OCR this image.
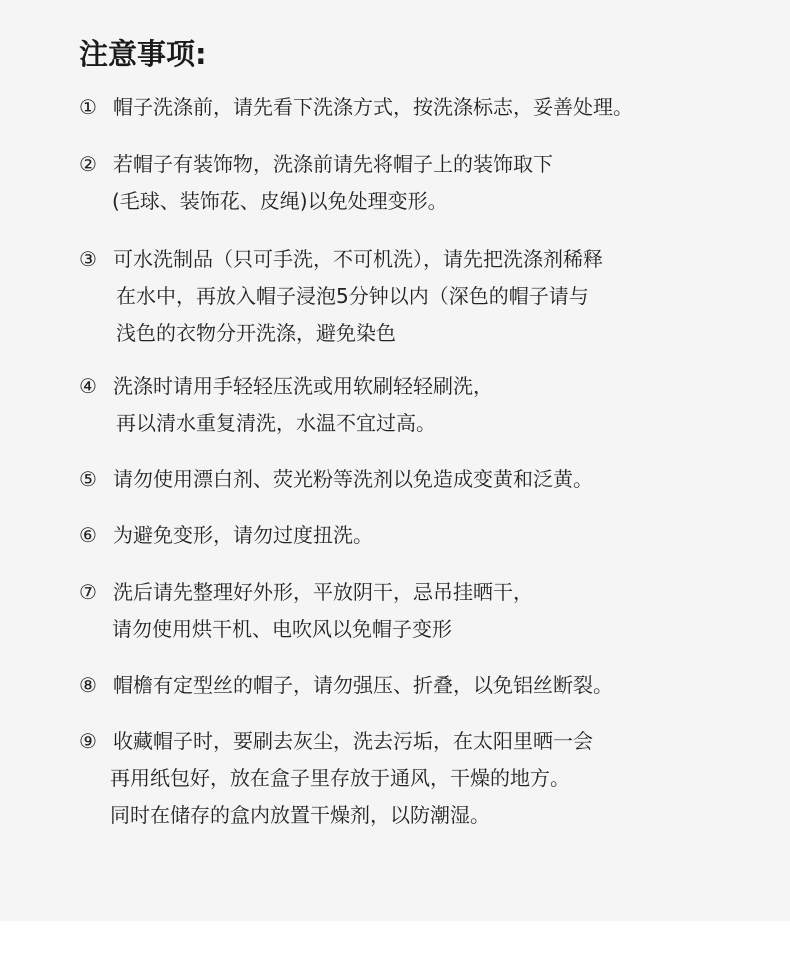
注意事项:
① 帽子洗涤前，请先看下洗涤方式，按洗涤标志，妥善处理。
② 若帽子有装饰物，洗涤前请先将帽子上的装饰取下
(毛球、装饰花、皮绳)以免处理变形。
③ 可水洗制品（只可手洗，不可机洗），请先把洗涤剂稀释
在水中，再放入帽子浸泡5分钟以内（深色的帽子请与
浅色的衣物分开洗涤，避免染色
④ 洗涤时请用手轻轻压洗或用软刷轻轻刷洗，
再以清水重复清洗，水温不宜过高。
⑤ 请勿使用漂白剂、荧光粉等洗剂以免造成变黄和泛黄。
⑥ 为避免变形，请勿过度扭洗。
⑦ 洗后请先整理好外形，平放阴干，忌吊挂晒干，
请勿使用烘干机、电吹风以免帽子变形
⑧ 帽檐有定型丝的帽子，请勿强压、折叠，以免铝丝断裂。
⑨ 收藏帽子时，要刷去灰尘，洗去污垢，在太阳里晒一会
再用纸包好，放在盒子里存放于通风，干燥的地方。
同时在储存的盒内放置干燥剂，以防潮湿。
